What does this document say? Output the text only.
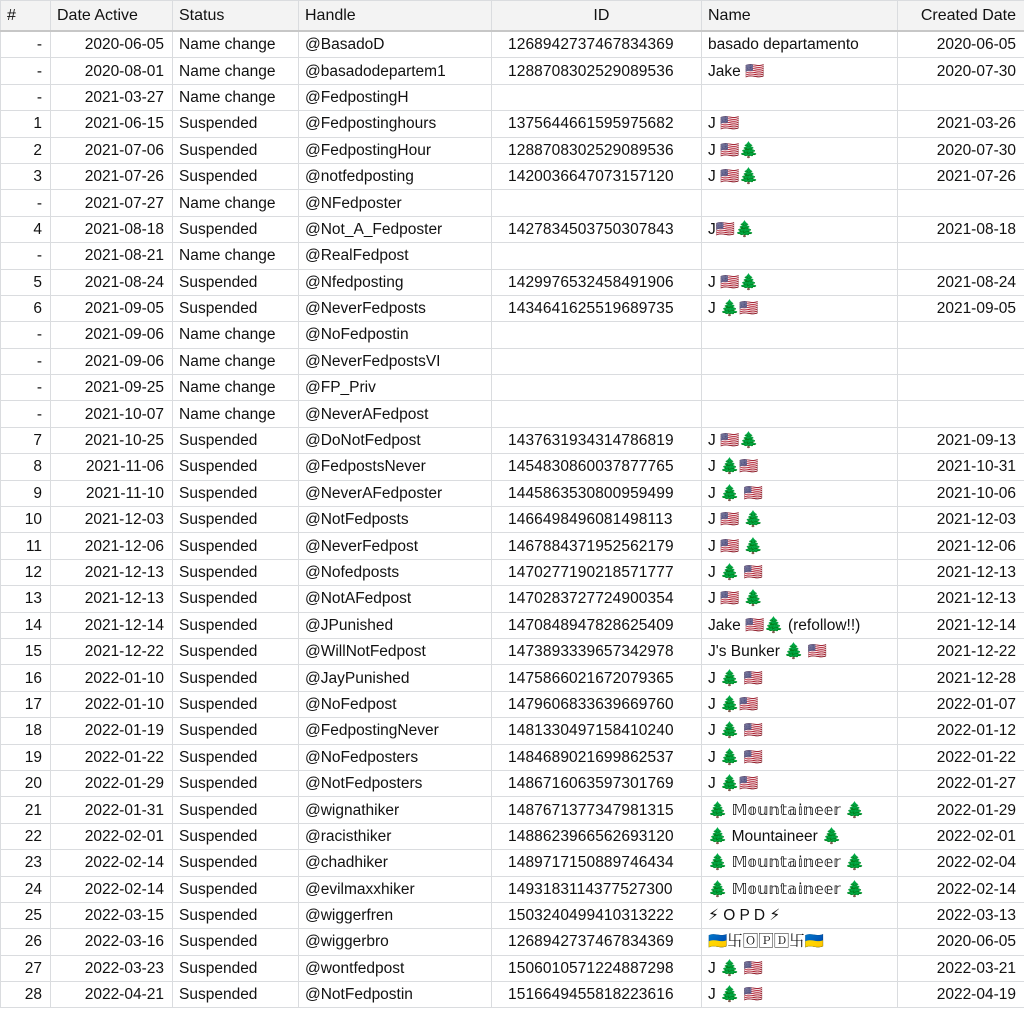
#	Date Active	Status	Handle	ID	Name	Created Date
-	2020-06-05	Name change	@BasadoD	1268942737467834369	basado departamento	2020-06-05
-	2020-08-01	Name change	@basadodepartem1	1288708302529089536	Jake 🇺🇸	2020-07-30
-	2021-03-27	Name change	@FedpostingH			
1	2021-06-15	Suspended	@Fedpostinghours	1375644661595975682	J 🇺🇸	2021-03-26
2	2021-07-06	Suspended	@FedpostingHour	1288708302529089536	J 🇺🇸🌲	2020-07-30
3	2021-07-26	Suspended	@notfedposting	1420036647073157120	J 🇺🇸🌲	2021-07-26
-	2021-07-27	Name change	@NFedposter			
4	2021-08-18	Suspended	@Not_A_Fedposter	1427834503750307843	J🇺🇸🌲	2021-08-18
-	2021-08-21	Name change	@RealFedpost			
5	2021-08-24	Suspended	@Nfedposting	1429976532458491906	J 🇺🇸🌲	2021-08-24
6	2021-09-05	Suspended	@NeverFedposts	1434641625519689735	J 🌲🇺🇸	2021-09-05
-	2021-09-06	Name change	@NoFedpostin			
-	2021-09-06	Name change	@NeverFedpostsVI			
-	2021-09-25	Name change	@FP_Priv			
-	2021-10-07	Name change	@NeverAFedpost			
7	2021-10-25	Suspended	@DoNotFedpost	1437631934314786819	J 🇺🇸🌲	2021-09-13
8	2021-11-06	Suspended	@FedpostsNever	1454830860037877765	J 🌲🇺🇸	2021-10-31
9	2021-11-10	Suspended	@NeverAFedposter	1445863530800959499	J 🌲 🇺🇸	2021-10-06
10	2021-12-03	Suspended	@NotFedposts	1466498496081498113	J 🇺🇸 🌲	2021-12-03
11	2021-12-06	Suspended	@NeverFedpost	1467884371952562179	J 🇺🇸 🌲	2021-12-06
12	2021-12-13	Suspended	@Nofedposts	1470277190218571777	J 🌲 🇺🇸	2021-12-13
13	2021-12-13	Suspended	@NotAFedpost	1470283727724900354	J 🇺🇸 🌲	2021-12-13
14	2021-12-14	Suspended	@JPunished	1470848947828625409	Jake 🇺🇸🌲 (refollow!!)	2021-12-14
15	2021-12-22	Suspended	@WillNotFedpost	1473893339657342978	J's Bunker 🌲 🇺🇸	2021-12-22
16	2022-01-10	Suspended	@JayPunished	1475866021672079365	J 🌲 🇺🇸	2021-12-28
17	2022-01-10	Suspended	@NoFedpost	1479606833639669760	J 🌲🇺🇸	2022-01-07
18	2022-01-19	Suspended	@FedpostingNever	1481330497158410240	J 🌲 🇺🇸	2022-01-12
19	2022-01-22	Suspended	@NoFedposters	1484689021699862537	J 🌲 🇺🇸	2022-01-22
20	2022-01-29	Suspended	@NotFedposters	1486716063597301769	J 🌲🇺🇸	2022-01-27
21	2022-01-31	Suspended	@wignathiker	1487671377347981315	🌲 𝕄𝕠𝕦𝕟𝕥𝕒𝕚𝕟𝕖𝕖𝕣 🌲	2022-01-29
22	2022-02-01	Suspended	@racisthiker	1488623966562693120	🌲 Mountaineer 🌲	2022-02-01
23	2022-02-14	Suspended	@chadhiker	1489717150889746434	🌲 𝕄𝕠𝕦𝕟𝕥𝕒𝕚𝕟𝕖𝕖𝕣 🌲	2022-02-04
24	2022-02-14	Suspended	@evilmaxxhiker	1493183114377527300	🌲 𝕄𝕠𝕦𝕟𝕥𝕒𝕚𝕟𝕖𝕖𝕣 🌲	2022-02-14
25	2022-03-15	Suspended	@wiggerfren	1503240499410313222	⚡ O P D ⚡	2022-03-13
26	2022-03-16	Suspended	@wiggerbro	1268942737467834369	🇺🇦卐🄾🄿🄳卐🇺🇦	2020-06-05
27	2022-03-23	Suspended	@wontfedpost	1506010571224887298	J 🌲 🇺🇸	2022-03-21
28	2022-04-21	Suspended	@NotFedpostin	1516649455818223616	J 🌲 🇺🇸	2022-04-19
